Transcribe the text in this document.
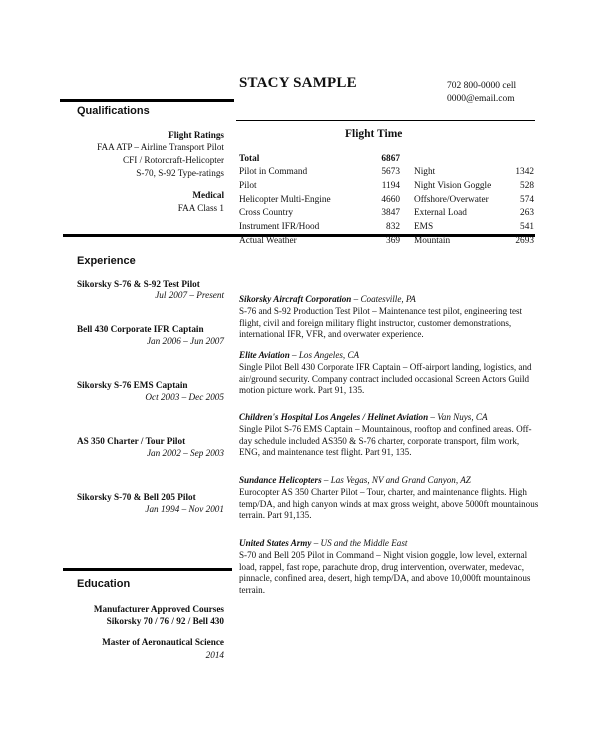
STACY SAMPLE	702 800-0000 cell
0000@email.com
Qualifications
Flight Ratings
FAA ATP – Airline Transport Pilot
CFI / Rotorcraft-Helicopter
S-70, S-92 Type-ratings
Medical
FAA Class 1
Flight Time
Total	6867
Pilot in Command	5673
Pilot	1194
Helicopter Multi-Engine	4660
Cross Country	3847
Instrument IFR/Hood	832
Actual Weather	369
Night	1342
Night Vision Goggle	528
Offshore/Overwater	574
External Load	263
EMS	541
Mountain	2693
Experience
Sikorsky S-76 & S-92 Test Pilot
Jul 2007 – Present
Bell 430 Corporate IFR Captain
Jan 2006 – Jun 2007
Sikorsky S-76 EMS Captain
Oct 2003 – Dec 2005
AS 350 Charter / Tour Pilot
Jan 2002 – Sep 2003
Sikorsky S-70 & Bell 205 Pilot
Jan 1994 – Nov 2001
Sikorsky Aircraft Corporation – Coatesville, PA
S-76 and S-92 Production Test Pilot – Maintenance test pilot, engineering test flight, civil and foreign military flight instructor, customer demonstrations, international IFR, VFR, and overwater experience.
Elite Aviation – Los Angeles, CA
Single Pilot Bell 430 Corporate IFR Captain – Off-airport landing, logistics, and air/ground security. Company contract included occasional Screen Actors Guild motion picture work. Part 91, 135.
Children's Hospital Los Angeles / Helinet Aviation – Van Nuys, CA
Single Pilot S-76 EMS Captain – Mountainous, rooftop and confined areas. Off-day schedule included AS350 & S-76 charter, corporate transport, film work, ENG, and maintenance test flight. Part 91, 135.
Sundance Helicopters – Las Vegas, NV and Grand Canyon, AZ
Eurocopter AS 350 Charter Pilot – Tour, charter, and maintenance flights. High temp/DA, and high canyon winds at max gross weight, above 5000ft mountainous terrain. Part 91,135.
United States Army – US and the Middle East
S-70 and Bell 205 Pilot in Command – Night vision goggle, low level, external load, rappel, fast rope, parachute drop, drug intervention, overwater, medevac, pinnacle, confined area, desert, high temp/DA, and above 10,000ft mountainous terrain.
Education
Manufacturer Approved Courses
Sikorsky 70 / 76 / 92 / Bell 430
Master of Aeronautical Science
2014
